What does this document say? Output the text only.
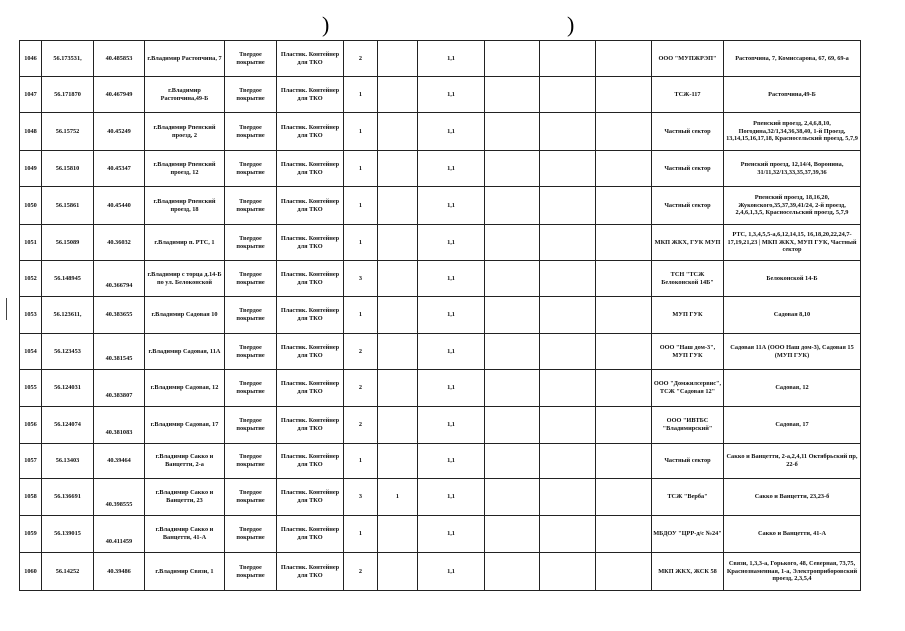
)	)
1046	56.173531,	40.485853	г.Владимир Растопчина, 7	Твердое покрытие	Пластик. Контейнер для ТКО	2		1,1				ООО "МУПЖРЭП"	Растопчина, 7, Комиссарова, 67, 69, 69-а
1047	56.171870	40.467949	г.Владимир Растопчина,49-Б	Твердое покрытие	Пластик. Контейнер для ТКО	1		1,1				ТСЖ-117	Растопчина,49-Б
1048	56.15752	40.45249	г.Владимир Рпенский проезд, 2	Твердое покрытие	Пластик. Контейнер для ТКО	1		1,1				Частный сектор	Рпенский проезд, 2,4,6,8,10, Погодина,32/1,34,36,38,40, 1-й Проезд, 13,14,15,16,17,18, Красносельский проезд, 5,7,9
1049	56.15810	40.45347	г.Владимир Рпенский проезд, 12	Твердое покрытие	Пластик. Контейнер для ТКО	1		1,1				Частный сектор	Рпенский проезд, 12,14/4, Воронина, 31/11,32/13,33,35,37,39,36
1050	56.15861	40.45440	г.Владимир Рпенский проезд, 18	Твердое покрытие	Пластик. Контейнер для ТКО	1		1,1				Частный сектор	Рпенский проезд, 18,16,20, Жуковского,35,37,39,41/24, 2-й проезд, 2,4,6,1,3,5, Красносельский проезд, 5,7,9
1051	56.15089	40.36032	г.Владимир п. РТС, 1	Твердое покрытие	Пластик. Контейнер для ТКО	1		1,1				МКП ЖКХ, ГУК МУП	РТС, 1,3,4,5,5-а,6,12,14,15, 16,18,20,22,24,7-17,19,21,23 | МКП ЖКХ, МУП ГУК, Частный сектор
1052	56.148945	40.366794	г.Владимир с торца д.14-Б по ул. Белоконской	Твердое покрытие	Пластик. Контейнер для ТКО	3		1,1				ТСН "ТСЖ Белоконской 14Б"	Белоконской 14-Б
1053	56.123611,	40.383655	г.Владимир Садовая 10	Твердое покрытие	Пластик. Контейнер для ТКО	1		1,1				МУП ГУК	Садовая 8,10
1054	56.123453	40.381545	г.Владимир Садовая, 11А	Твердое покрытие	Пластик. Контейнер для ТКО	2		1,1				ООО "Наш дом-3", МУП ГУК	Садовая 11А (ООО Наш дом-3), Садовая 15 (МУП ГУК)
1055	56.124031	40.383807	г.Владимир Садовая, 12	Твердое покрытие	Пластик. Контейнер для ТКО	2		1,1				ООО "Домжилсервис", ТСЖ "Садовая 12"	Садовая, 12
1056	56.124074	40.381083	г.Владимир Садовая, 17	Твердое покрытие	Пластик. Контейнер для ТКО	2		1,1				ООО "ИВТБС "Владимирский"	Садовая, 17
1057	56.13403	40.39464	г.Владимир Сакко и Ванцетти, 2-а	Твердое покрытие	Пластик. Контейнер для ТКО	1		1,1				Частный сектор	Сакко и Ванцетти, 2-а,2,4,11 Октябрьский пр, 22-б
1058	56.136691	40.398555	г.Владимир Сакко и Ванцетти, 23	Твердое покрытие	Пластик. Контейнер для ТКО	3	1	1,1				ТСЖ "Верба"	Сакко и Ванцетти, 23,23-б
1059	56.139015	40.411459	г.Владимир Сакко и Ванцетти, 41-А	Твердое покрытие	Пластик. Контейнер для ТКО	1		1,1				МБДОУ "ЦРР-д/с №24"	Сакко и Ванцетти, 41-А
1060	56.14252	40.39486	г.Владимир Связи, 1	Твердое покрытие	Пластик. Контейнер для ТКО	2		1,1				МКП ЖКХ, ЖСК 58	Связи, 1,3,3-а, Горького, 48, Северная, 73,75, Краснознаменная, 1-а, Электроприборовский проезд, 2,3,5,4
